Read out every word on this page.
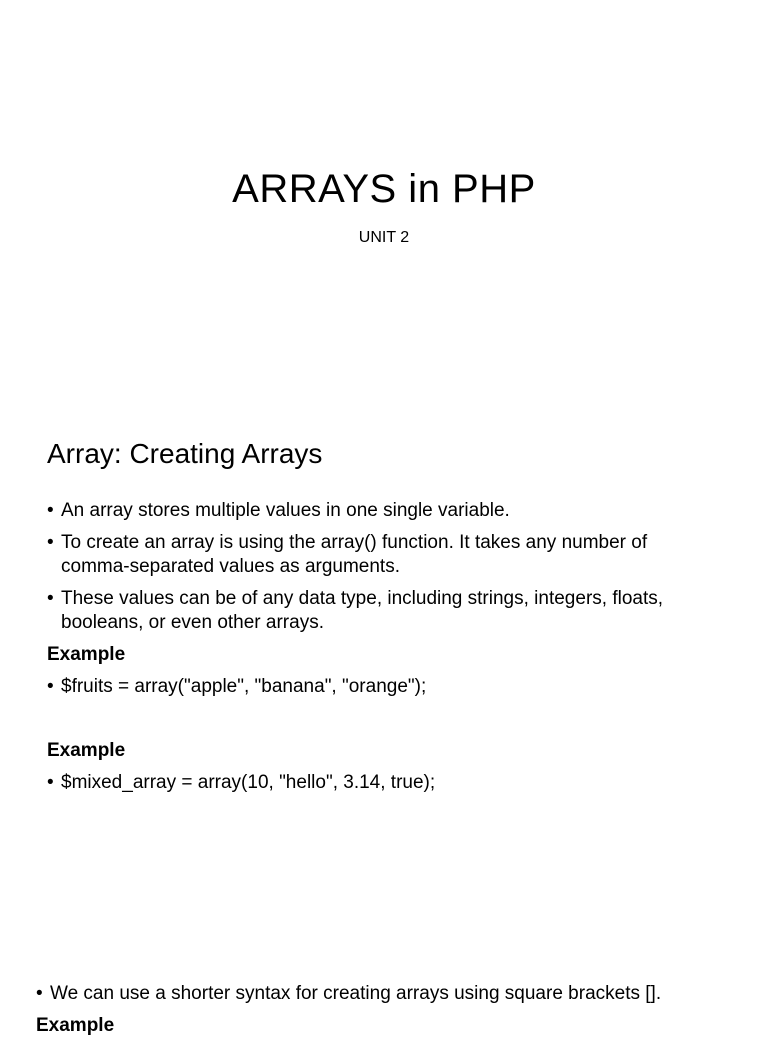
ARRAYS in PHP
UNIT 2
Array: Creating Arrays
• An array stores multiple values in one single variable.
• To create an array is using the array() function. It takes any number of comma-separated values as arguments.
• These values can be of any data type, including strings, integers, floats, booleans, or even other arrays.
Example
• $fruits = array("apple", "banana", "orange");
Example
• $mixed_array = array(10, "hello", 3.14, true);
• We can use a shorter syntax for creating arrays using square brackets [].
Example
